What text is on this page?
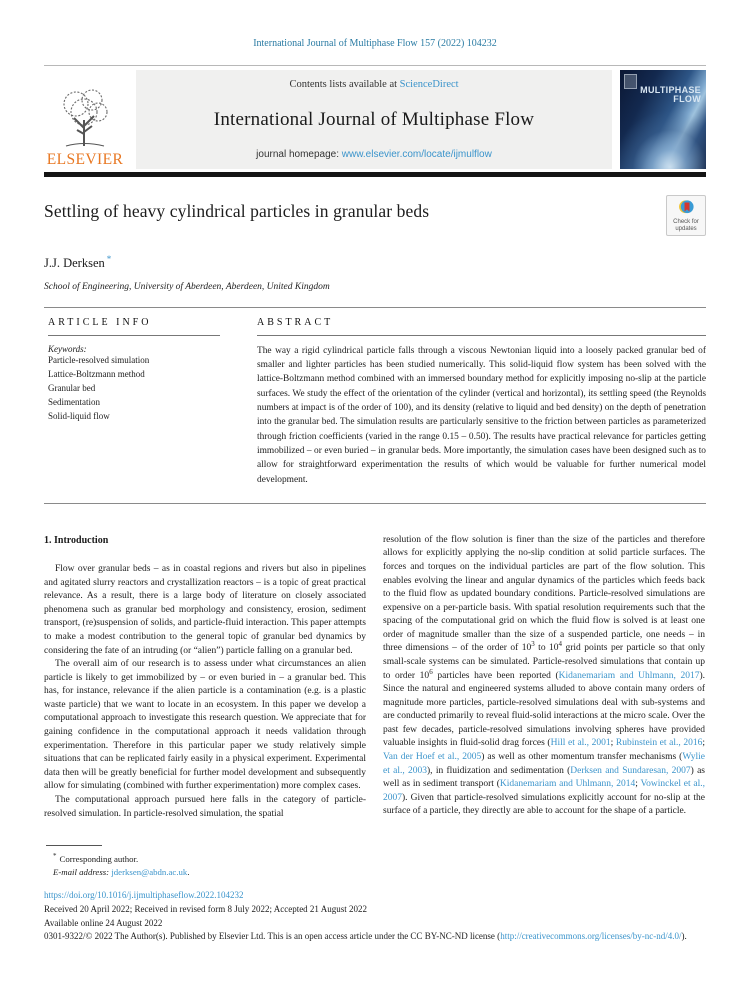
International Journal of Multiphase Flow 157 (2022) 104232
ELSEVIER
Contents lists available at ScienceDirect
International Journal of Multiphase Flow
journal homepage: www.elsevier.com/locate/ijmulflow
MULTIPHASE
FLOW
Settling of heavy cylindrical particles in granular beds
Check for
updates
J.J. Derksen *
School of Engineering, University of Aberdeen, Aberdeen, United Kingdom
ARTICLE INFO
Keywords:
Particle-resolved simulation
Lattice-Boltzmann method
Granular bed
Sedimentation
Solid-liquid flow
ABSTRACT
The way a rigid cylindrical particle falls through a viscous Newtonian liquid into a loosely packed granular bed of smaller and lighter particles has been studied numerically. This solid-liquid flow system has been solved with the lattice-Boltzmann method combined with an immersed boundary method for explicitly imposing no-slip at the particle surfaces. We study the effect of the orientation of the cylinder (vertical and horizontal), its settling speed (the Reynolds numbers at impact is of the order of 100), and its density (relative to liquid and bed density) on the depth of penetration into the granular bed. The simulation results are particularly sensitive to the friction between particles as parameterized through friction coefficients (varied in the range 0.15 – 0.50). The results have practical relevance for particles getting immobilized – or even buried – in granular beds. More importantly, the simulation cases have been designed such as to allow for straightforward experimentation the results of which would be valuable for further numerical model development.
1. Introduction

Flow over granular beds – as in coastal regions and rivers but also in pipelines and agitated slurry reactors and crystallization reactors – is a topic of great practical relevance. As a result, there is a large body of literature on closely associated phenomena such as granular bed morphology and consistency, erosion, sediment transport, (re)suspension of solids, and particle-fluid interaction. This paper attempts to make a modest contribution to the general topic of granular bed dynamics by considering the fate of an intruding (or “alien”) particle falling on a granular bed.

The overall aim of our research is to assess under what circumstances an alien particle is likely to get immobilized by – or even buried in – a granular bed. This has, for instance, relevance if the alien particle is a contamination (e.g. is a plastic waste particle) that we want to locate in an ecosystem. In this paper we develop a computational approach to investigate this research question. We appreciate that for gaining confidence in the computational approach it needs validation through experimentation. Therefore in this particular paper we study relatively simple situations that can be replicated fairly easily in a physical experiment. Experimental data then will be greatly beneficial for further model development and subsequently allow for simulating (combined with further experimentation) more complex cases.

The computational approach pursued here falls in the category of particle-resolved simulation. In particle-resolved simulation, the spatial

resolution of the flow solution is finer than the size of the particles and therefore allows for explicitly applying the no-slip condition at solid particle surfaces. The forces and torques on the individual particles are part of the flow solution. This enables evolving the linear and angular dynamics of the particles which feeds back to the fluid flow as updated boundary conditions. Particle-resolved simulations are expensive on a per-particle basis. With spatial resolution requirements such that the spacing of the computational grid on which the fluid flow is solved is at least one order of magnitude smaller than the size of a suspended particle, one needs – in three dimensions – of the order of $10^3$ to $10^4$ grid points per particle so that only small-scale systems can be simulated. Particle-resolved simulations that contain up to order $10^6$ particles have been reported (Kidanemariam and Uhlmann, 2017). Since the natural and engineered systems alluded to above contain many orders of magnitude more particles, particle-resolved simulations deal with sub-systems and are conducted primarily to reveal fluid-solid interactions at the micro scale. Over the past few decades, particle-resolved simulations involving spheres have provided valuable insights in fluid-solid drag forces (Hill et al., 2001; Rubinstein et al., 2016; Van der Hoef et al., 2005) as well as other momentum transfer mechanisms (Wylie et al., 2003), in fluidization and sedimentation (Derksen and Sundaresan, 2007) as well as in sediment transport (Kidanemariam and Uhlmann, 2014; Vowinckel et al., 2007). Given that particle-resolved simulations explicitly account for no-slip at the surface of a particle, they directly are able to account for the shape of a particle.

* Corresponding author.
E-mail address: jderksen@abdn.ac.uk.
https://doi.org/10.1016/j.ijmultiphaseflow.2022.104232
Received 20 April 2022; Received in revised form 8 July 2022; Accepted 21 August 2022
Available online 24 August 2022
0301-9322/© 2022 The Author(s). Published by Elsevier Ltd. This is an open access article under the CC BY-NC-ND license (http://creativecommons.org/licenses/by-nc-nd/4.0/).
